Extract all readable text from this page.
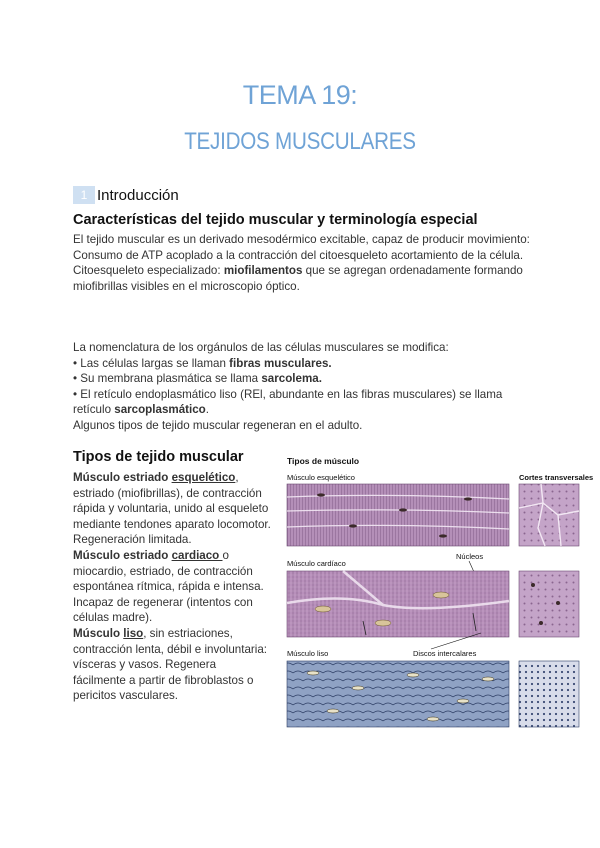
TEMA 19:
TEJIDOS MUSCULARES
1 Introducción
Características del tejido muscular y terminología especial

El tejido muscular es un derivado mesodérmico excitable, capaz de producir movimiento:

Consumo de ATP acoplado a la contracción del citoesqueleto acortamiento de la célula.

Citoesqueleto especializado: miofilamentos que se agregan ordenadamente formando miofibrillas visibles en el microscopio óptico.

La nomenclatura de los orgánulos de las células musculares se modifica:

• Las células largas se llaman fibras musculares.

• Su membrana plasmática se llama sarcolema.

• El retículo endoplasmático liso (REl, abundante en las fibras musculares) se llama retículo sarcoplasmático.

Algunos tipos de tejido muscular regeneran en el adulto.

Tipos de tejido muscular

Músculo estriado esquelético, estriado (miofibrillas), de contracción rápida y voluntaria, unido al esqueleto mediante tendones aparato locomotor. Regeneración limitada.

Músculo estriado cardiaco o miocardio, estriado, de contracción espontánea rítmica, rápida e intensa. Incapaz de regenerar (intentos con células madre).

Músculo liso, sin estriaciones, contracción lenta, débil e involuntaria: vísceras y vasos. Regenera fácilmente a partir de fibroblastos o pericitos vasculares.

Tipos de músculo
Cortes transversales
Músculo esquelético
Músculo cardíaco
Núcleos
Músculo liso	Discos intercalares
